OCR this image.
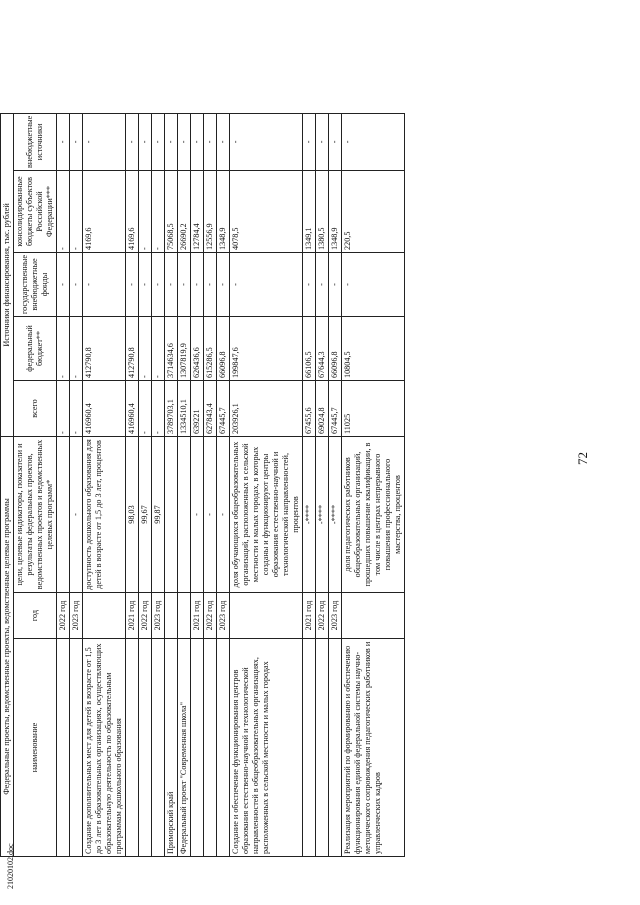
21020102.doc
72
Федеральные проекты, ведомственные проекты, ведомственные целевые программы			Источники финансирования, тыс. рублей				
наименование	год	цели, целевые индикаторы, показатели и результаты федеральных проектов, ведомственных проектов и ведомственных целевых программ*	всего	федеральный бюджет**	государственные внебюджетные фонды	консолидированные бюджеты субъектов Российской Федерации***	внебюджетные источники
	2022 год		-	-	-	-	-
	2023 год	-	-	-	-	-	-
Создание дополнительных мест для детей в возрасте от 1,5 до 3 лет в образовательных организациях, осуществляющих образовательную деятельность по образовательным программам дошкольного образования		доступность дошкольного образования для детей в возрасте от 1,5 до 3 лет, процентов	416960,4	412790,8	-	4169,6	-
	2021 год	98,03	416960,4	412790,8	-	4169,6	-
	2022 год	99,67	-	-	-	-	-
	2023 год	99,87	-	-	-	-	-
Приморский край			3789703,1	3714634,6	-	75068,5	-
Федеральный проект "Современная школа"			1334510,1	1307819,9	-	26690,2	-
	2021 год	-	639221	626436,6	-	12784,4	-
	2022 год	-	627843,4	615286,5	-	12556,9	-
	2023 год	-	67445,7	66096,8	-	1348,9	-
Создание и обеспечение функционирования центров образования естественно-научной и технологической направленностей в общеобразовательных организациях, расположенных в сельской местности и малых городах		доля обучающихся общеобразовательных организаций, расположенных в сельской местности и малых городах, в которых созданы и функционируют центры образования естественно-научной и технологической направленностей, процентов	203926,1	199847,6	-	4078,5	-
	2021 год	-****	67455,6	66106,5	-	1349,1	-
	2022 год	-****	69024,8	67644,3	-	1380,5	-
	2023 год	-****	67445,7	66096,8	-	1348,9	-
Реализация мероприятий по формированию и обеспечению функционирования единой федеральной системы научно-методического сопровождения педагогических работников и управленческих кадров		доля педагогических работников общеобразовательных организаций, прошедших повышение квалификации, в том числе в центрах непрерывного повышения профессионального мастерства, процентов	11025	10804,5	-	220,5	-
